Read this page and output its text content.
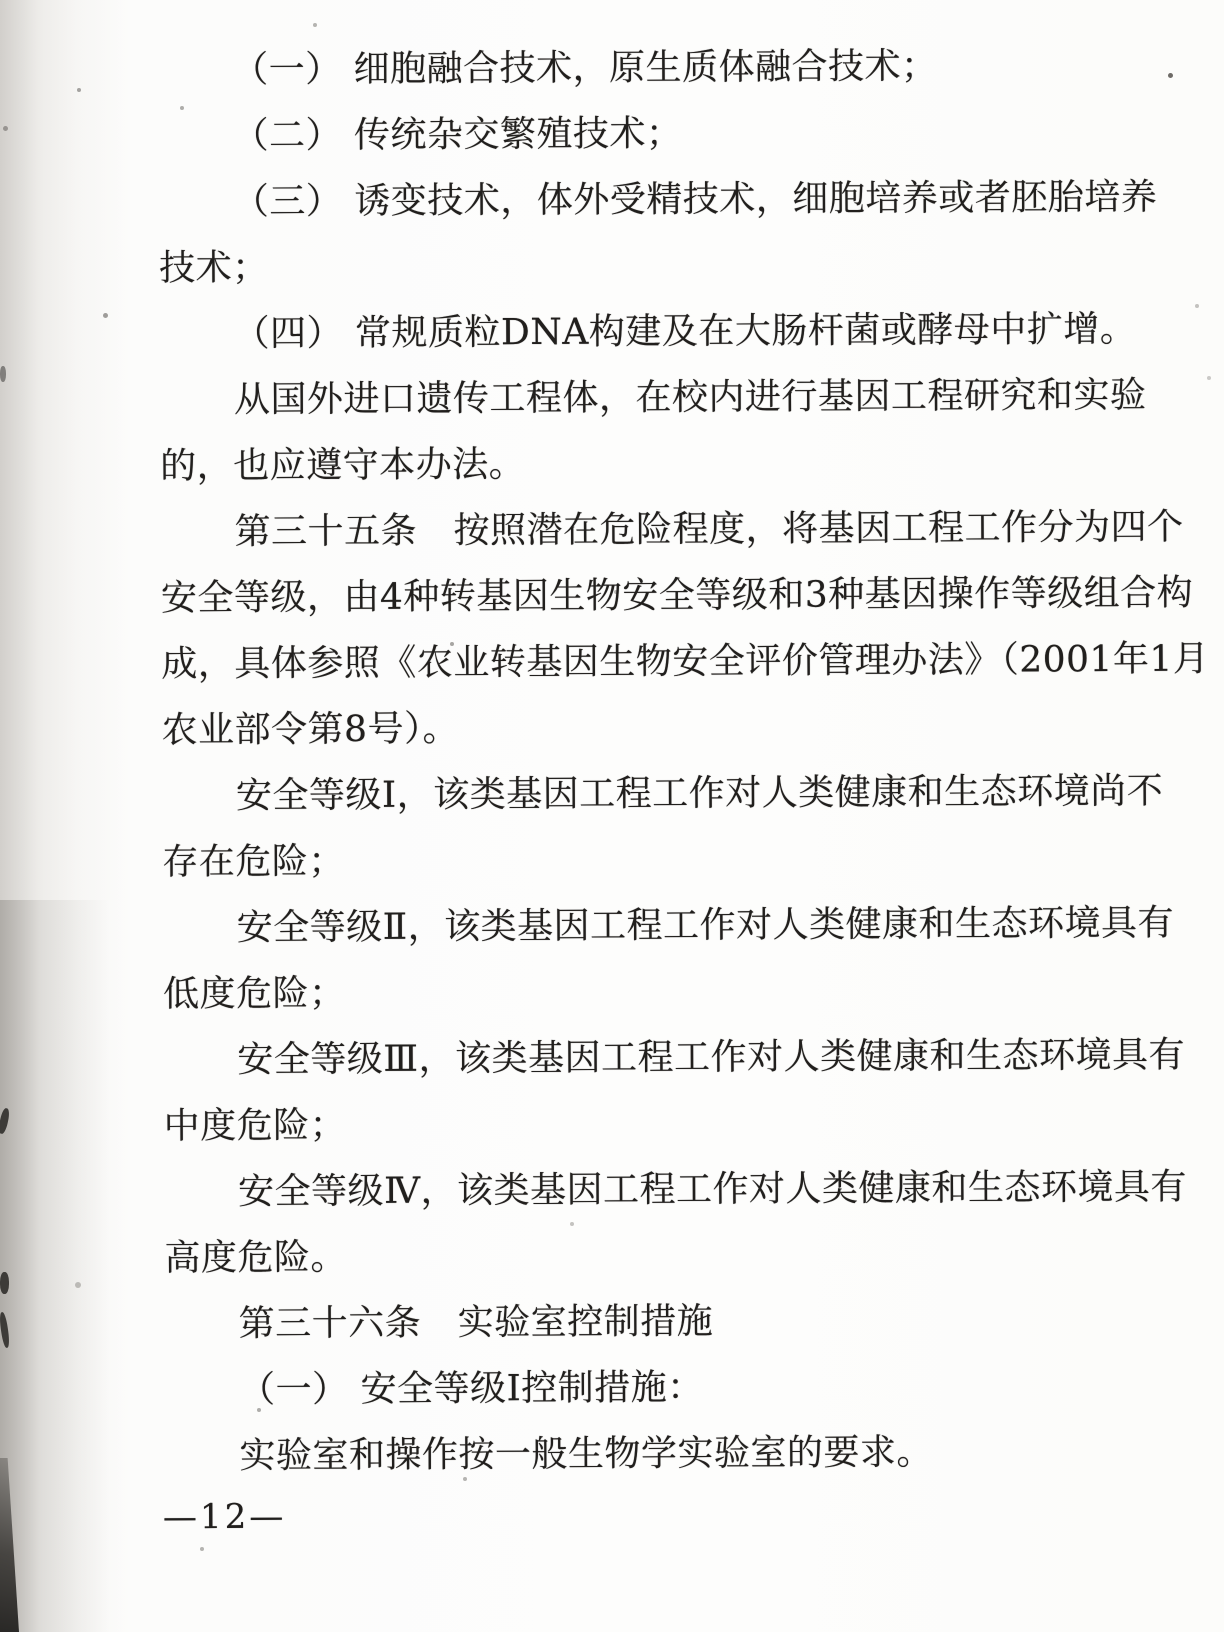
（一） 细胞融合技术，原生质体融合技术；

（二） 传统杂交繁殖技术；

（三） 诱变技术，体外受精技术，细胞培养或者胚胎培养

技术；

（四） 常规质粒DNA构建及在大肠杆菌或酵母中扩增。

从国外进口遗传工程体，在校内进行基因工程研究和实验

的，也应遵守本办法。

第三十五条　按照潜在危险程度，将基因工程工作分为四个

安全等级，由4种转基因生物安全等级和3种基因操作等级组合构

成，具体参照《农业转基因生物安全评价管理办法》（2001年1月

农业部令第8号）。

安全等级Ⅰ，该类基因工程工作对人类健康和生态环境尚不

存在危险；

安全等级Ⅱ，该类基因工程工作对人类健康和生态环境具有

低度危险；

安全等级Ⅲ，该类基因工程工作对人类健康和生态环境具有

中度危险；

安全等级Ⅳ，该类基因工程工作对人类健康和生态环境具有

高度危险。

第三十六条　实验室控制措施

（一） 安全等级Ⅰ控制措施：

实验室和操作按一般生物学实验室的要求。

—12—
